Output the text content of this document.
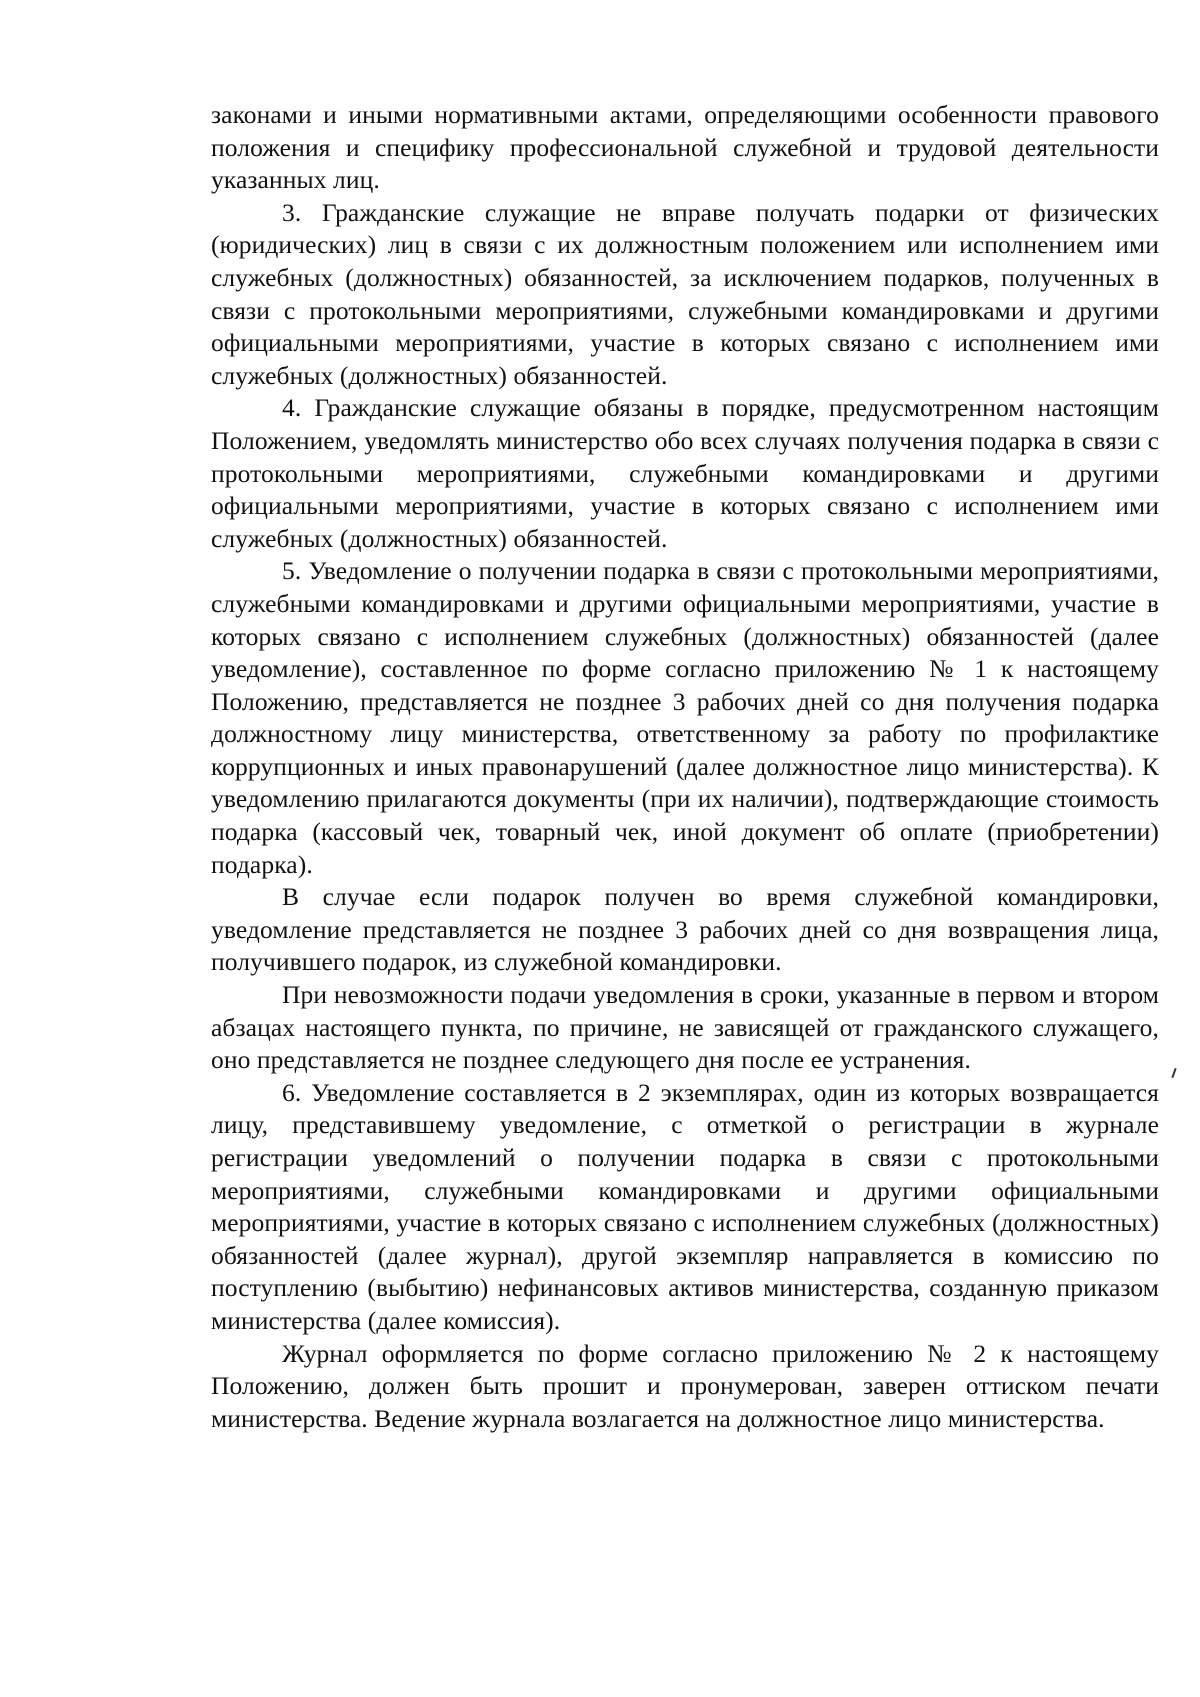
законами и иными нормативными актами, определяющими особенности правового положения и специфику профессиональной служебной и трудовой деятельности указанных лиц.

3. Гражданские служащие не вправе получать подарки от физических (юридических) лиц в связи с их должностным положением или исполнением ими служебных (должностных) обязанностей, за исключением подарков, полученных в связи с протокольными мероприятиями, служебными командировками и другими официальными мероприятиями, участие в которых связано с исполнением ими служебных (должностных) обязанностей.

4. Гражданские служащие обязаны в порядке, предусмотренном настоящим Положением, уведомлять министерство обо всех случаях получения подарка в связи с протокольными мероприятиями, служебными командировками и другими официальными мероприятиями, участие в которых связано с исполнением ими служебных (должностных) обязанностей.

5. Уведомление о получении подарка в связи с протокольными мероприятиями, служебными командировками и другими официальными мероприятиями, участие в которых связано с исполнением служебных (должностных) обязанностей (далее уведомление), составленное по форме согласно приложению № 1 к настоящему Положению, представляется не позднее 3 рабочих дней со дня получения подарка должностному лицу министерства, ответственному за работу по профилактике коррупционных и иных правонарушений (далее должностное лицо министерства). К уведомлению прилагаются документы (при их наличии), подтверждающие стоимость подарка (кассовый чек, товарный чек, иной документ об оплате (приобретении) подарка).

В случае если подарок получен во время служебной командировки, уведомление представляется не позднее 3 рабочих дней со дня возвращения лица, получившего подарок, из служебной командировки.

При невозможности подачи уведомления в сроки, указанные в первом и втором абзацах настоящего пункта, по причине, не зависящей от гражданского служащего, оно представляется не позднее следующего дня после ее устранения.

6. Уведомление составляется в 2 экземплярах, один из которых возвращается лицу, представившему уведомление, с отметкой о регистрации в журнале регистрации уведомлений о получении подарка в связи с протокольными мероприятиями, служебными командировками и другими официальными мероприятиями, участие в которых связано с исполнением служебных (должностных) обязанностей (далее журнал), другой экземпляр направляется в комиссию по поступлению (выбытию) нефинансовых активов министерства, созданную приказом министерства (далее комиссия).

Журнал оформляется по форме согласно приложению № 2 к настоящему Положению, должен быть прошит и пронумерован, заверен оттиском печати министерства. Ведение журнала возлагается на должностное лицо министерства.
